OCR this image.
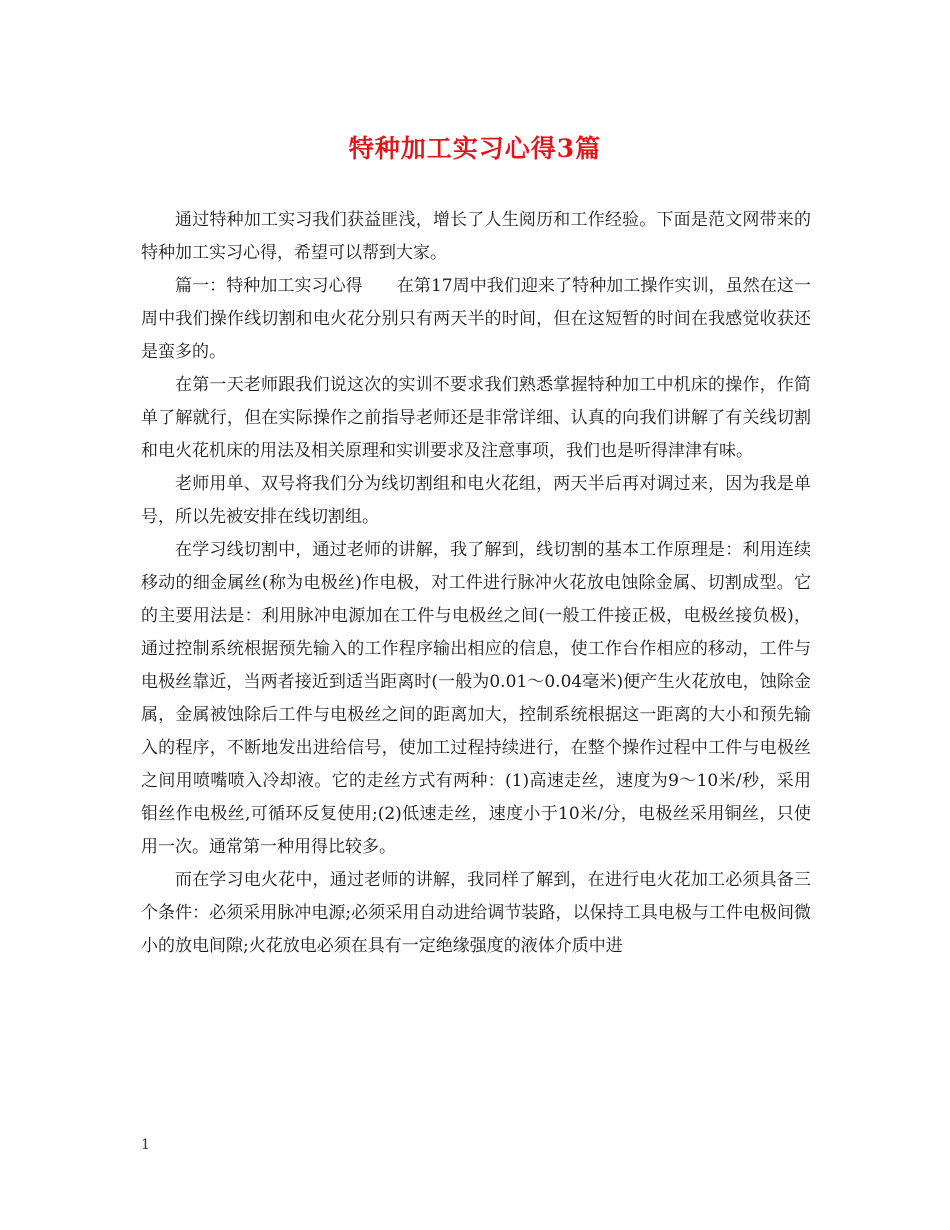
特种加工实习心得3篇

通过特种加工实习我们获益匪浅，增长了人生阅历和工作经验。下面是范文网带来的特种加工实习心得，希望可以帮到大家。

篇一：特种加工实习心得　　在第17周中我们迎来了特种加工操作实训，虽然在这一周中我们操作线切割和电火花分别只有两天半的时间，但在这短暂的时间在我感觉收获还是蛮多的。

在第一天老师跟我们说这次的实训不要求我们熟悉掌握特种加工中机床的操作，作简单了解就行，但在实际操作之前指导老师还是非常详细、认真的向我们讲解了有关线切割和电火花机床的用法及相关原理和实训要求及注意事项，我们也是听得津津有味。

老师用单、双号将我们分为线切割组和电火花组，两天半后再对调过来，因为我是单号，所以先被安排在线切割组。

在学习线切割中，通过老师的讲解，我了解到，线切割的基本工作原理是：利用连续移动的细金属丝(称为电极丝)作电极，对工件进行脉冲火花放电蚀除金属、切割成型。它的主要用法是：利用脉冲电源加在工件与电极丝之间(一般工件接正极，电极丝接负极)，通过控制系统根据预先输入的工作程序输出相应的信息，使工作台作相应的移动，工件与电极丝靠近，当两者接近到适当距离时(一般为0.01～0.04毫米)便产生火花放电，蚀除金属，金属被蚀除后工件与电极丝之间的距离加大，控制系统根据这一距离的大小和预先输入的程序，不断地发出进给信号，使加工过程持续进行，在整个操作过程中工件与电极丝之间用喷嘴喷入冷却液。它的走丝方式有两种：(1)高速走丝，速度为9～10米/秒，采用钼丝作电极丝,可循环反复使用;(2)低速走丝，速度小于10米/分，电极丝采用铜丝，只使用一次。通常第一种用得比较多。

而在学习电火花中，通过老师的讲解，我同样了解到，在进行电火花加工必须具备三个条件：必须采用脉冲电源;必须采用自动进给调节装路，以保持工具电极与工件电极间微小的放电间隙;火花放电必须在具有一定绝缘强度的液体介质中进

1
